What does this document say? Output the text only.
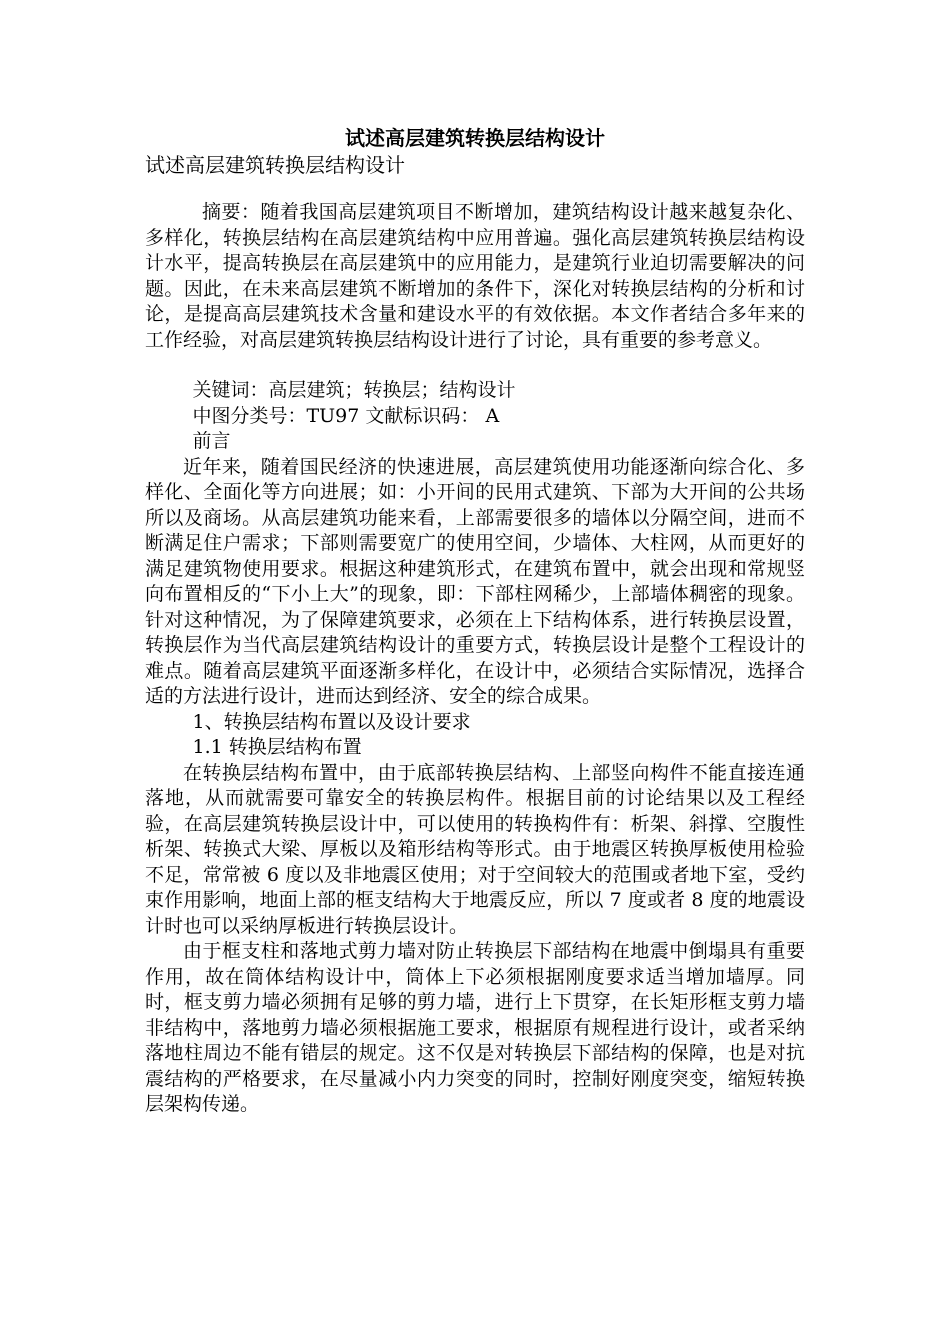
试述高层建筑转换层结构设计
试述高层建筑转换层结构设计

摘要：随着我国高层建筑项目不断增加，建筑结构设计越来越复杂化、多样化，转换层结构在高层建筑结构中应用普遍。强化高层建筑转换层结构设计水平，提高转换层在高层建筑中的应用能力，是建筑行业迫切需要解决的问题。因此，在未来高层建筑不断增加的条件下，深化对转换层结构的分析和讨论，是提高高层建筑技术含量和建设水平的有效依据。本文作者结合多年来的工作经验，对高层建筑转换层结构设计进行了讨论，具有重要的参考意义。

关键词：高层建筑；转换层；结构设计

中图分类号：TU97 文献标识码： A

前言

近年来，随着国民经济的快速进展，高层建筑使用功能逐渐向综合化、多样化、全面化等方向进展；如：小开间的民用式建筑、下部为大开间的公共场所以及商场。从高层建筑功能来看，上部需要很多的墙体以分隔空间，进而不断满足住户需求；下部则需要宽广的使用空间，少墙体、大柱网，从而更好的满足建筑物使用要求。根据这种建筑形式，在建筑布置中，就会出现和常规竖向布置相反的“下小上大”的现象，即：下部柱网稀少，上部墙体稠密的现象。针对这种情况，为了保障建筑要求，必须在上下结构体系，进行转换层设置，转换层作为当代高层建筑结构设计的重要方式，转换层设计是整个工程设计的难点。随着高层建筑平面逐渐多样化，在设计中，必须结合实际情况，选择合适的方法进行设计，进而达到经济、安全的综合成果。

1、转换层结构布置以及设计要求

1.1 转换层结构布置

在转换层结构布置中，由于底部转换层结构、上部竖向构件不能直接连通落地，从而就需要可靠安全的转换层构件。根据目前的讨论结果以及工程经验，在高层建筑转换层设计中，可以使用的转换构件有：析架、斜撑、空腹性析架、转换式大梁、厚板以及箱形结构等形式。由于地震区转换厚板使用检验不足，常常被 6 度以及非地震区使用；对于空间较大的范围或者地下室，受约束作用影响，地面上部的框支结构大于地震反应，所以 7 度或者 8 度的地震设计时也可以采纳厚板进行转换层设计。

由于框支柱和落地式剪力墙对防止转换层下部结构在地震中倒塌具有重要作用，故在筒体结构设计中，筒体上下必须根据刚度要求适当增加墙厚。同时，框支剪力墙必须拥有足够的剪力墙，进行上下贯穿，在长矩形框支剪力墙非结构中，落地剪力墙必须根据施工要求，根据原有规程进行设计，或者采纳落地柱周边不能有错层的规定。这不仅是对转换层下部结构的保障，也是对抗震结构的严格要求，在尽量减小内力突变的同时，控制好刚度突变，缩短转换层架构传递。
